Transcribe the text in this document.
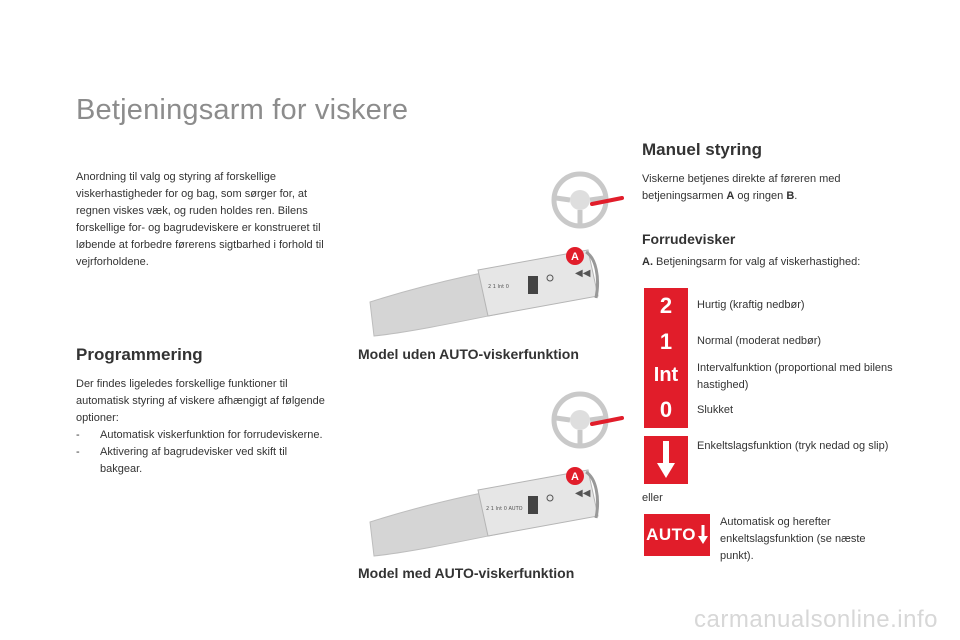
Betjeningsarm for viskere
Anordning til valg og styring af forskellige viskerhastigheder for og bag, som sørger for, at regnen viskes væk, og ruden holdes ren. Bilens forskellige for- og bagrudeviskere er konstrueret til løbende at forbedre førerens sigtbarhed i forhold til vejrforholdene.
Programmering
Der findes ligeledes forskellige funktioner til automatisk styring af viskere afhængigt af følgende optioner:
- Automatisk viskerfunktion for forrudeviskerne.
- Aktivering af bagrudevisker ved skift til bakgear.
◀◀
2 1 Int 0
A
Model uden AUTO-viskerfunktion
◀◀
2 1 Int 0 AUTO
A
Model med AUTO-viskerfunktion
Manuel styring
Viskerne betjenes direkte af føreren med betjeningsarmen A og ringen B.
Forrudevisker
A. Betjeningsarm for valg af viskerhastighed:
2
1
Int
0
Hurtig (kraftig nedbør)
Normal (moderat nedbør)
Intervalfunktion (proportional med bilens hastighed)
Slukket
Enkeltslagsfunktion (tryk nedad og slip)
eller
AUTO
Automatisk og herefter enkeltslagsfunktion (se næste punkt).
carmanualsonline.info
